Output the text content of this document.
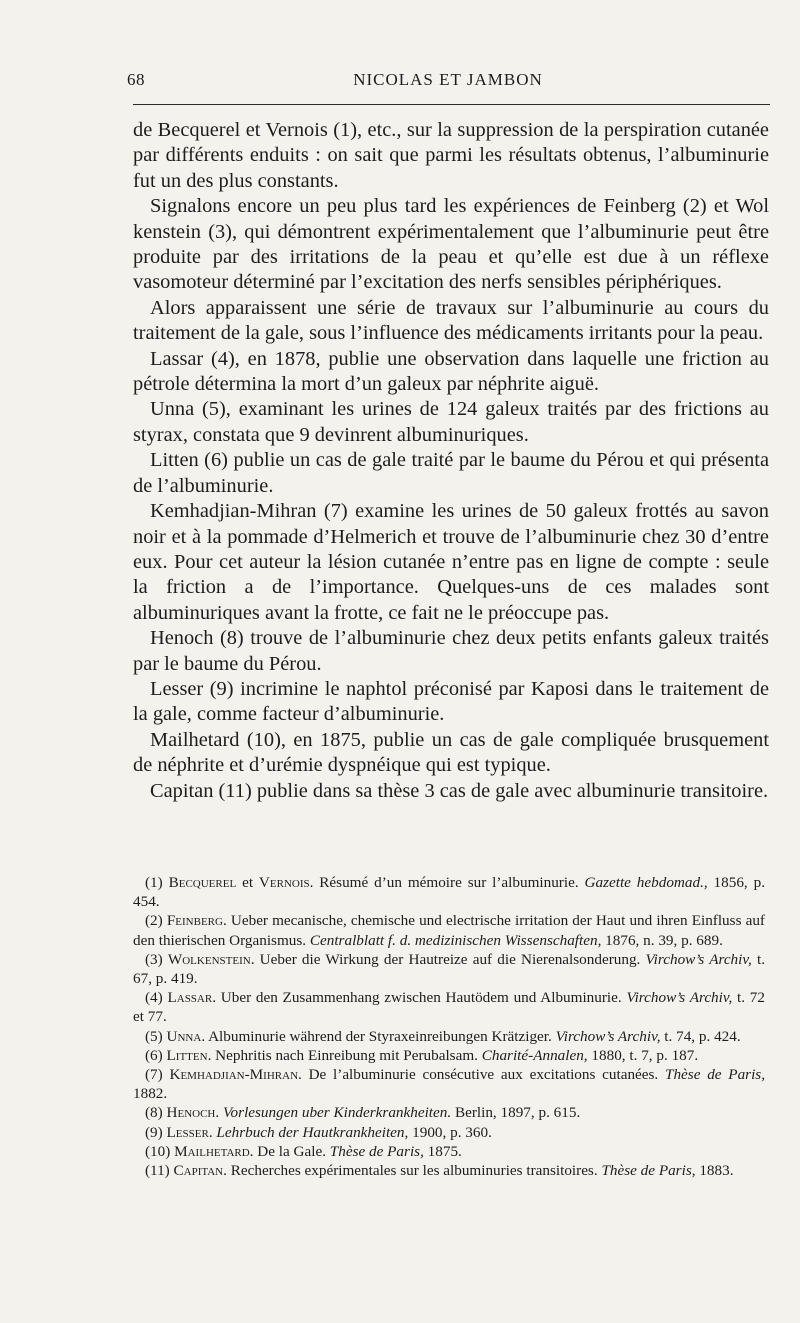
68	NICOLAS ET JAMBON

de Becquerel et Vernois (1), etc., sur la suppression de la perspiration cutanée par différents enduits : on sait que parmi les résultats obtenus, l’albuminurie fut un des plus constants.

Signalons encore un peu plus tard les expériences de Feinberg (2) et Wol kenstein (3), qui démontrent expérimentalement que l’albuminurie peut être produite par des irritations de la peau et qu’elle est due à un réflexe vasomoteur déterminé par l’excitation des nerfs sensibles périphériques.

Alors apparaissent une série de travaux sur l’albuminurie au cours du traitement de la gale, sous l’influence des médicaments irritants pour la peau.

Lassar (4), en 1878, publie une observation dans laquelle une friction au pétrole détermina la mort d’un galeux par néphrite aiguë.

Unna (5), examinant les urines de 124 galeux traités par des frictions au styrax, constata que 9 devinrent albuminuriques.

Litten (6) publie un cas de gale traité par le baume du Pérou et qui présenta de l’albuminurie.

Kemhadjian-Mihran (7) examine les urines de 50 galeux frottés au savon noir et à la pommade d’Helmerich et trouve de l’albuminurie chez 30 d’entre eux. Pour cet auteur la lésion cutanée n’entre pas en ligne de compte : seule la friction a de l’importance. Quelques-uns de ces malades sont albuminuriques avant la frotte, ce fait ne le préoccupe pas.

Henoch (8) trouve de l’albuminurie chez deux petits enfants galeux traités par le baume du Pérou.

Lesser (9) incrimine le naphtol préconisé par Kaposi dans le traitement de la gale, comme facteur d’albuminurie.

Mailhetard (10), en 1875, publie un cas de gale compliquée brusquement de néphrite et d’urémie dyspnéique qui est typique.

Capitan (11) publie dans sa thèse 3 cas de gale avec albuminurie transitoire.

(1) Becquerel et Vernois. Résumé d’un mémoire sur l’albuminurie. Gazette hebdomad., 1856, p. 454.

(2) Feinberg. Ueber mecanische, chemische und electrische irritation der Haut und ihren Einfluss auf den thierischen Organismus. Centralblatt f. d. medizinischen Wissenschaften, 1876, n. 39, p. 689.

(3) Wolkenstein. Ueber die Wirkung der Hautreize auf die Nierenalsonderung. Virchow’s Archiv, t. 67, p. 419.

(4) Lassar. Uber den Zusammenhang zwischen Hautödem und Albuminurie. Virchow’s Archiv, t. 72 et 77.

(5) Unna. Albuminurie während der Styraxeinreibungen Krätziger. Virchow’s Archiv, t. 74, p. 424.

(6) Litten. Nephritis nach Einreibung mit Perubalsam. Charité-Annalen, 1880, t. 7, p. 187.

(7) Kemhadjian-Mihran. De l’albuminurie consécutive aux excitations cutanées. Thèse de Paris, 1882.

(8) Henoch. Vorlesungen uber Kinderkrankheiten. Berlin, 1897, p. 615.

(9) Lesser. Lehrbuch der Hautkrankheiten, 1900, p. 360.

(10) Mailhetard. De la Gale. Thèse de Paris, 1875.

(11) Capitan. Recherches expérimentales sur les albuminuries transitoires. Thèse de Paris, 1883.
